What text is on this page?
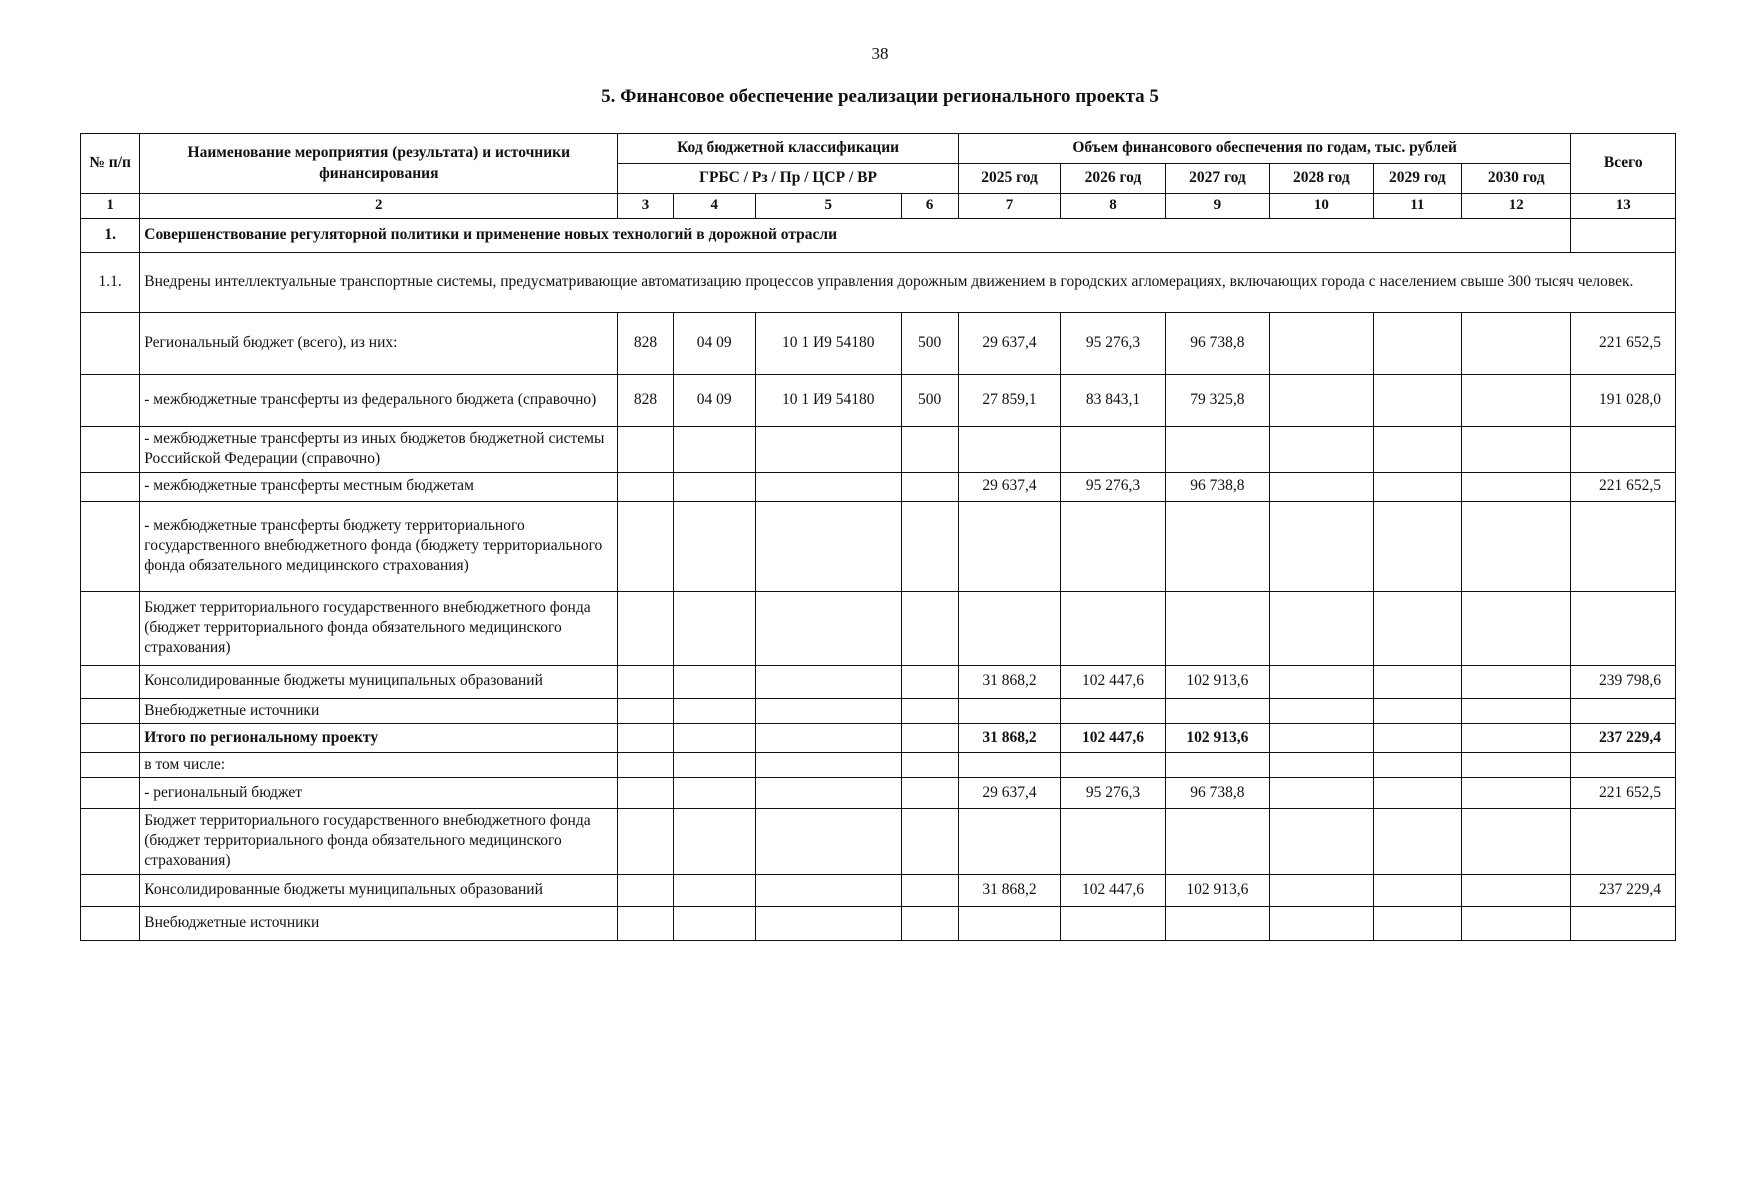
38
5. Финансовое обеспечение реализации регионального проекта 5
№ п/п	Наименование мероприятия (результата) и источники финансирования	Код бюджетной классификации				Объем финансового обеспечения по годам, тыс. рублей						Всего
		ГРБС / Рз / Пр / ЦСР / ВР				2025 год	2026 год	2027 год	2028 год	2029 год	2030 год	
1	2	3	4	5	6	7	8	9	10	11	12	13
1.	Совершенствование регуляторной политики и применение новых технологий в дорожной отрасли											
1.1.	Внедрены интеллектуальные транспортные системы, предусматривающие автоматизацию процессов управления дорожным движением в городских агломерациях, включающих города с населением свыше 300 тысяч человек.											
	Региональный бюджет (всего), из них:	828	04 09	10 1 И9 54180	500	29 637,4	95 276,3	96 738,8				221 652,5
	- межбюджетные трансферты из федерального бюджета (справочно)	828	04 09	10 1 И9 54180	500	27 859,1	83 843,1	79 325,8				191 028,0
	- межбюджетные трансферты из иных бюджетов бюджетной системы Российской Федерации (справочно)											
	- межбюджетные трансферты местным бюджетам					29 637,4	95 276,3	96 738,8				221 652,5
	- межбюджетные трансферты бюджету территориального государственного внебюджетного фонда (бюджету территориального фонда обязательного медицинского страхования)											
	Бюджет территориального государственного внебюджетного фонда (бюджет территориального фонда обязательного медицинского страхования)											
	Консолидированные бюджеты муниципальных образований					31 868,2	102 447,6	102 913,6				239 798,6
	Внебюджетные источники											
	Итого по региональному проекту					31 868,2	102 447,6	102 913,6				237 229,4
	в том числе:											
	- региональный бюджет					29 637,4	95 276,3	96 738,8				221 652,5
	Бюджет территориального государственного внебюджетного фонда (бюджет территориального фонда обязательного медицинского страхования)											
	Консолидированные бюджеты муниципальных образований					31 868,2	102 447,6	102 913,6				237 229,4
	Внебюджетные источники											
